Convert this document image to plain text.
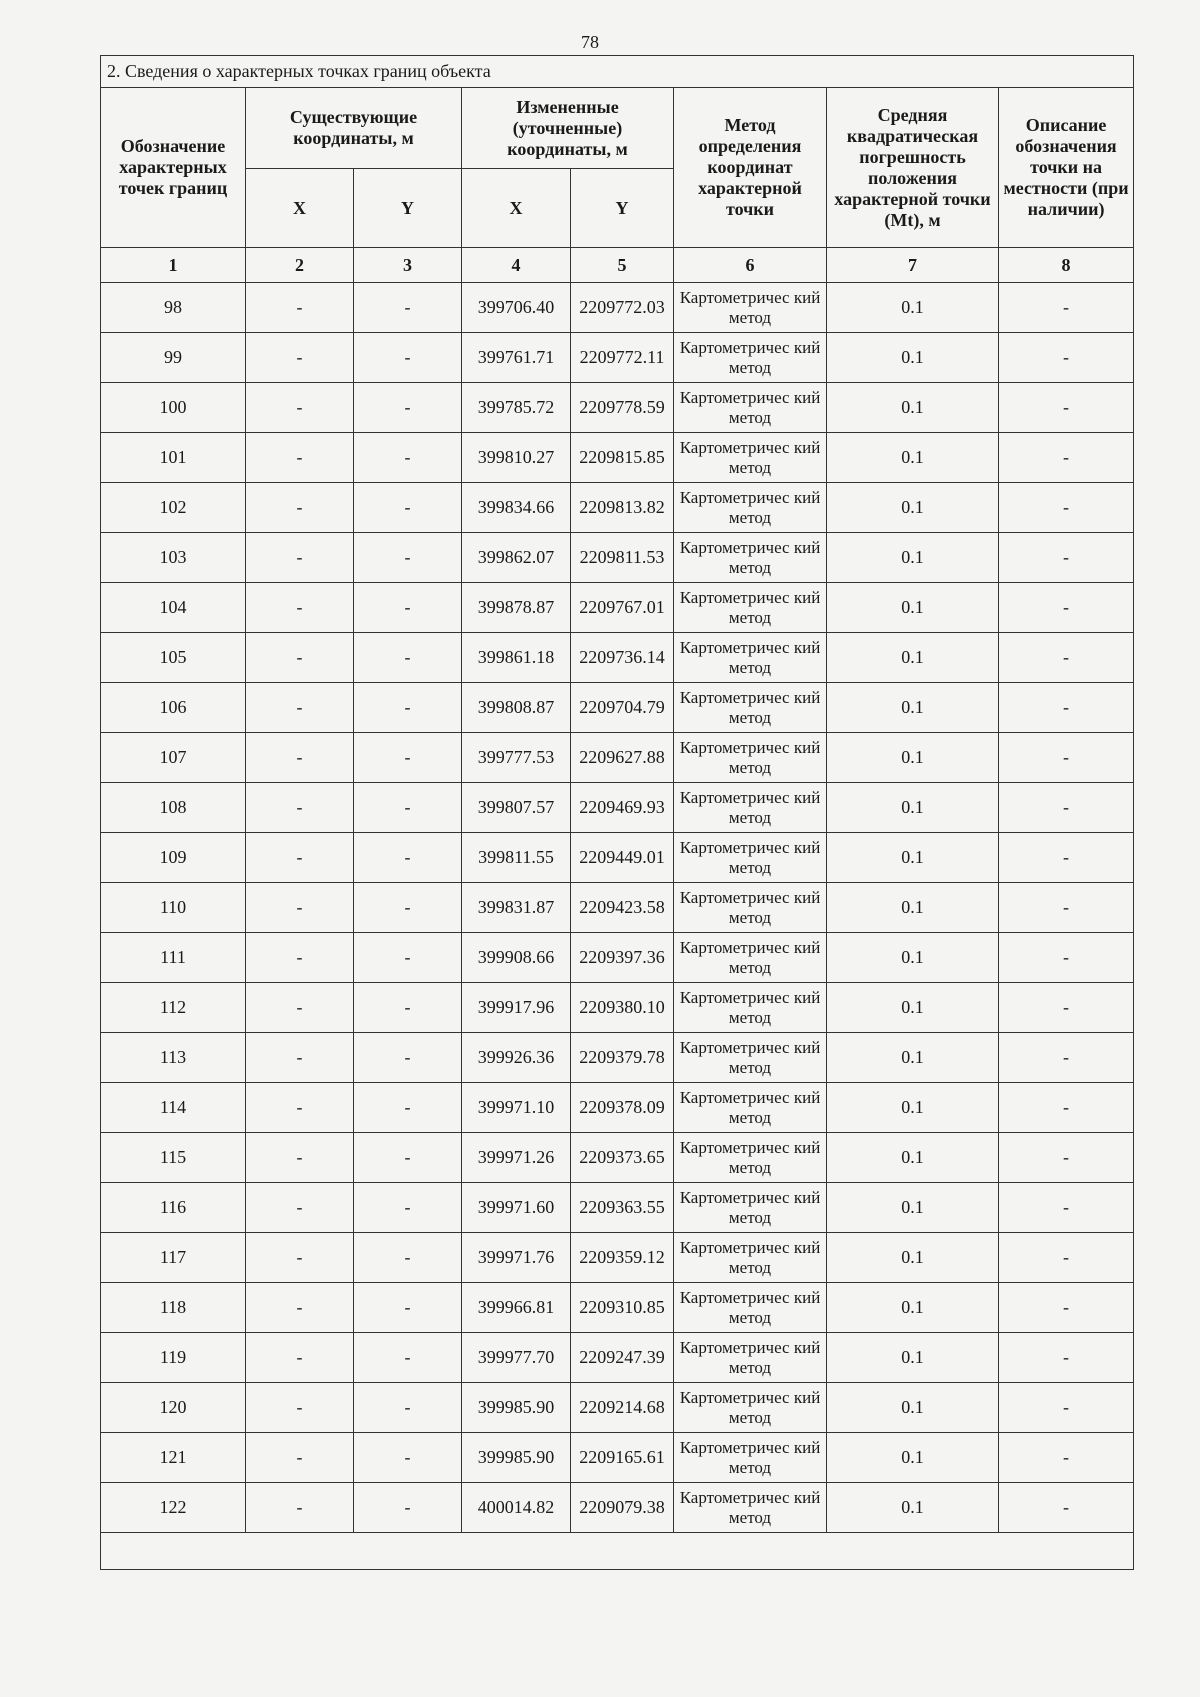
78
2. Сведения о характерных точках границ объекта							
Обозначение характерных точек границ	Существующие координаты, м		Измененные (уточненные) координаты, м		Метод определения координат характерной точки	Средняя квадратическая погрешность положения характерной точки (Mt), м	Описание обозначения точки на местности (при наличии)
	X	Y	X	Y			
1	2	3	4	5	6	7	8
98	-	-	399706.40	2209772.03	Картометричес кий метод	0.1	-
99	-	-	399761.71	2209772.11	Картометричес кий метод	0.1	-
100	-	-	399785.72	2209778.59	Картометричес кий метод	0.1	-
101	-	-	399810.27	2209815.85	Картометричес кий метод	0.1	-
102	-	-	399834.66	2209813.82	Картометричес кий метод	0.1	-
103	-	-	399862.07	2209811.53	Картометричес кий метод	0.1	-
104	-	-	399878.87	2209767.01	Картометричес кий метод	0.1	-
105	-	-	399861.18	2209736.14	Картометричес кий метод	0.1	-
106	-	-	399808.87	2209704.79	Картометричес кий метод	0.1	-
107	-	-	399777.53	2209627.88	Картометричес кий метод	0.1	-
108	-	-	399807.57	2209469.93	Картометричес кий метод	0.1	-
109	-	-	399811.55	2209449.01	Картометричес кий метод	0.1	-
110	-	-	399831.87	2209423.58	Картометричес кий метод	0.1	-
111	-	-	399908.66	2209397.36	Картометричес кий метод	0.1	-
112	-	-	399917.96	2209380.10	Картометричес кий метод	0.1	-
113	-	-	399926.36	2209379.78	Картометричес кий метод	0.1	-
114	-	-	399971.10	2209378.09	Картометричес кий метод	0.1	-
115	-	-	399971.26	2209373.65	Картометричес кий метод	0.1	-
116	-	-	399971.60	2209363.55	Картометричес кий метод	0.1	-
117	-	-	399971.76	2209359.12	Картометричес кий метод	0.1	-
118	-	-	399966.81	2209310.85	Картометричес кий метод	0.1	-
119	-	-	399977.70	2209247.39	Картометричес кий метод	0.1	-
120	-	-	399985.90	2209214.68	Картометричес кий метод	0.1	-
121	-	-	399985.90	2209165.61	Картометричес кий метод	0.1	-
122	-	-	400014.82	2209079.38	Картометричес кий метод	0.1	-
